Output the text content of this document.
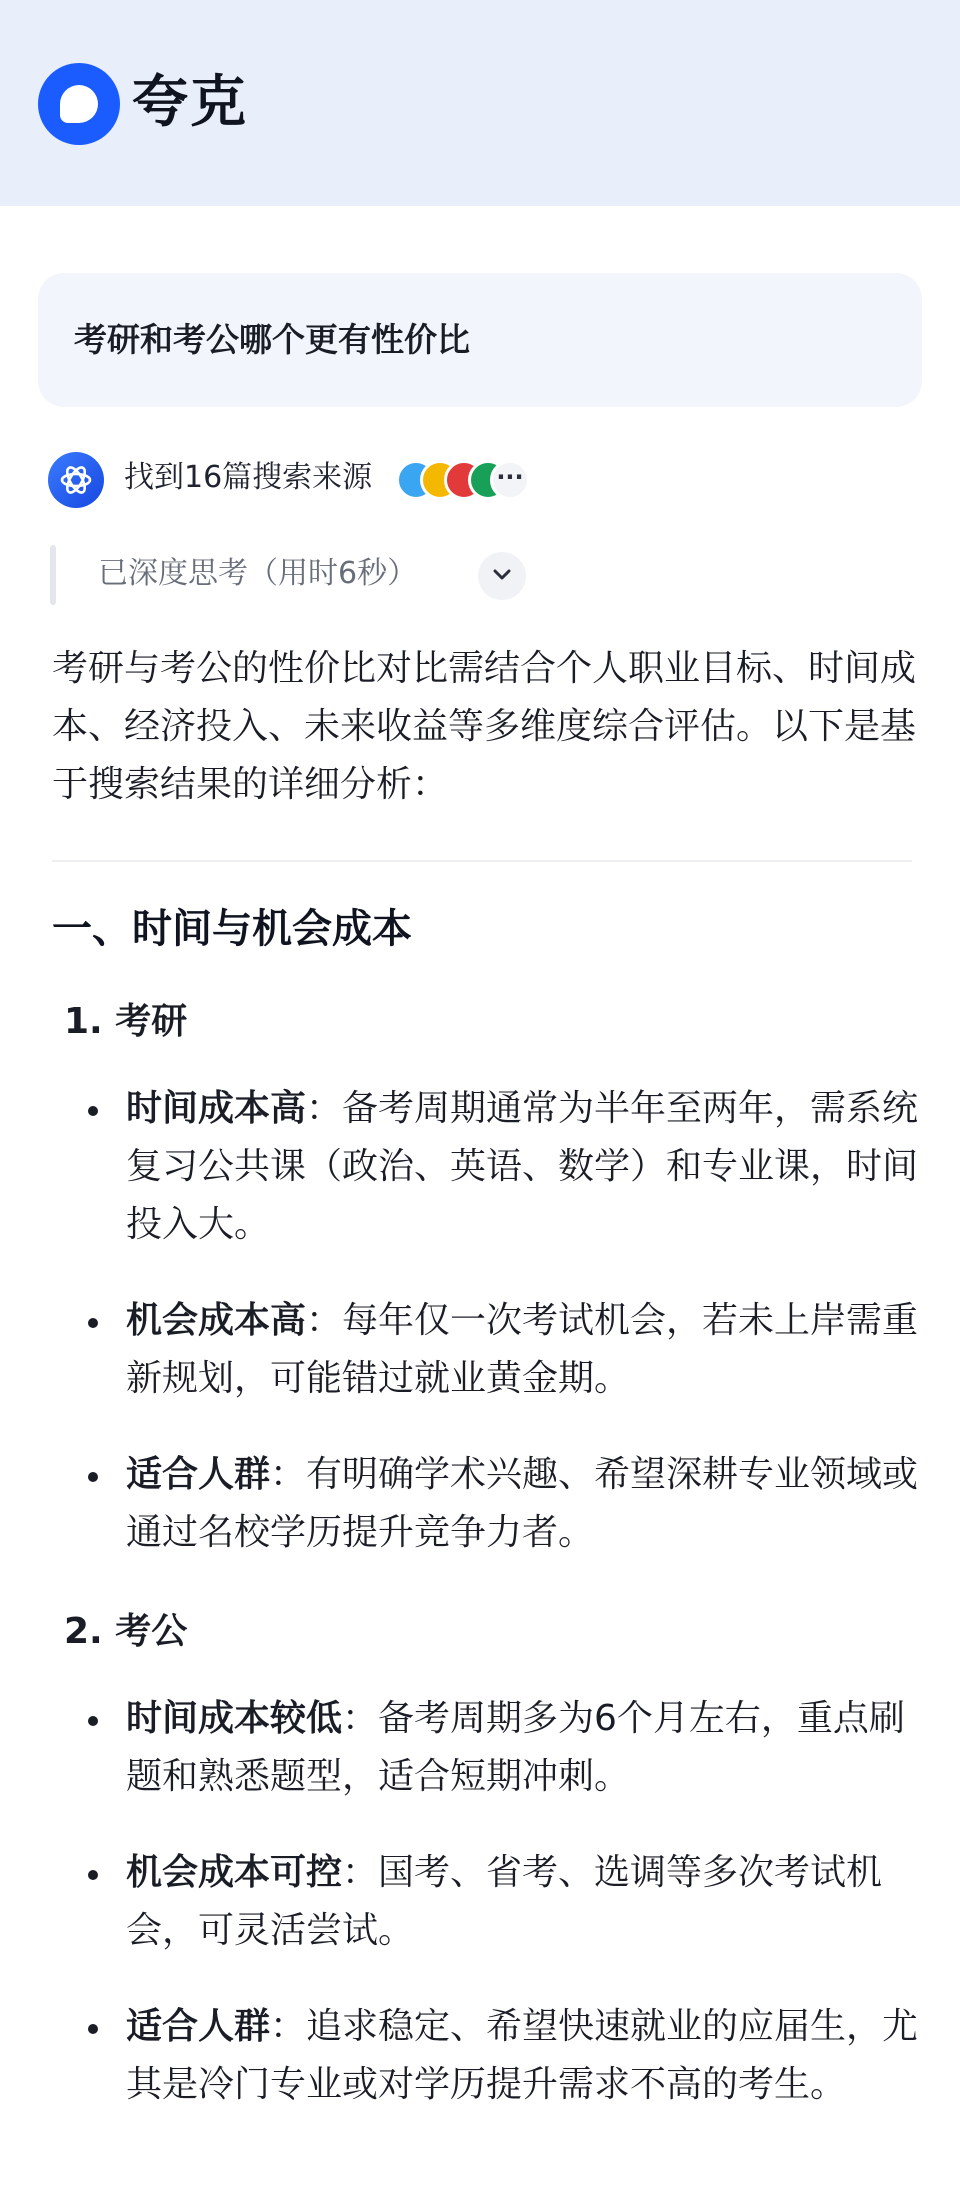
夸克
考研和考公哪个更有性价比
找到16篇搜索来源	···
已深度思考（用时6秒）
考研与考公的性价比对比需结合个人职业目标、时间成本、经济投入、未来收益等多维度综合评估。以下是基于搜索结果的详细分析：
一、时间与机会成本
1. 考研
时间成本高：备考周期通常为半年至两年，需系统复习公共课（政治、英语、数学）和专业课，时间投入大。
机会成本高：每年仅一次考试机会，若未上岸需重新规划，可能错过就业黄金期。
适合人群：有明确学术兴趣、希望深耕专业领域或通过名校学历提升竞争力者。
2. 考公
时间成本较低：备考周期多为6个月左右，重点刷题和熟悉题型，适合短期冲刺。
机会成本可控：国考、省考、选调等多次考试机会，可灵活尝试。
适合人群：追求稳定、希望快速就业的应届生，尤其是冷门专业或对学历提升需求不高的考生。
